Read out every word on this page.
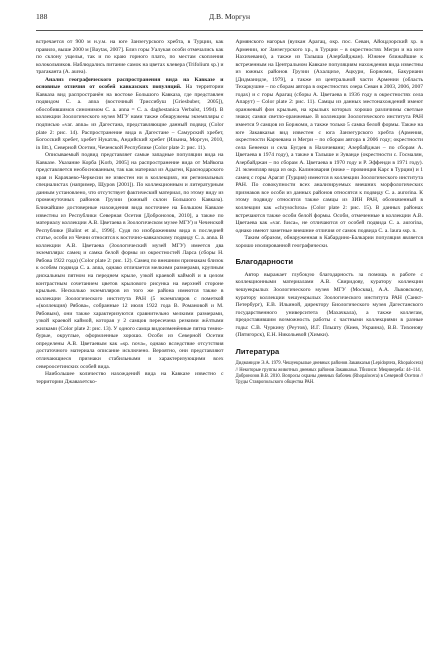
188	Д.В. Моргун

встречается от 900 м н.у.м. на юге Занзегурского хребта, в Турции, как правило, выше 2000 м [Baytas, 2007]. Близ горы Уалукая особи отмечались как по склону ущелья, так и по краю горного плато, по местам скопления колокольчиков. Наблюдались питание самок на цветах клевера (Trifolium sp.) и трагаканта (A. aurea).

Анализ географического распространения вида на Кавказе и основные отличия от особей кавказских популяций. На территории Кавказа вид распространён на востоке Большого Кавказа, где представлен подвидом C. a. anna (восточный Триссибуш [Griesbuber, 2005]), обособившимся синонимом C. a. anna = C. a. daghestanica Verbalst, 1994). В коллекции Зоологического музея МГУ нами также обнаружены экземпляры с подписью «var. anna» из Дагестана, представляющие данный подвид (Color plate 2: рис. 14). Распространение вида в Дагестане – Самурский хребет, Богосский хребет, хребет Нукатль, Андийский хребет (Ильина, Моргун, 2010, in litt.), Северной Осетии, Чеченской Республике (Color plate 2: рис. 11).

Описываемый подвид представляет самые западные популяции вида на Кавказе. Указание Корба [Korb, 2005] на распространение вида от Майкопа представляется необоснованным, так как материал из Адыгеи, Краснодарского края и Карачаево-Черкесии не известен ни в коллекциях, ни региональных специалистах (например, Щуров [2001]). По коллекционным и литературным данным установлено, что отсутствует фактический материал, по этому виду из промежуточных районов Грузии (южный склон Большого Кавказа). Ближайшие достоверные нахождения вида восточнее на Большом Кавказе известны из Республики Северная Осетия [Добронозов, 2010], а также по материалу коллекции А.В. Цветаева в Зоологическом музее МГУ) и Чеченской Республике [Balint et al., 1996]. Судя по изображениям вида в последней статье, особи из Чечни относятся к восточно-кавказскому подвиду C. a. anna. В коллекции А.В. Цветаева (Зоологический музей МГУ) имеется два экземпляра: самец и самка белой формы из окрестностей Ларса (сборы Н. Рябова 1922 года) (Color plate 2: рис. 12). Самец по внешним признакам близок к особям подвида C. a. anna, однако отличается мелкими размерами, крупным дискальным пятном на переднем крыле, узкой краевой каймой и в целом контрастным сочетанием цветов крылового рисунка на верхней стороне крыльев. Несколько экземпляров из того же района имеются также в коллекции Зоологического института РАН (5 экземпляров с пометкой «(коллекция) Рябова», собранные 12 июля 1922 года В. Романовой и М. Рябовым), они также характеризуются сравнительно мелкими размерами, узкой краевой каймой, которая у 2 самцов пересечена резкими жёлтыми жилками (Color plate 2: рис. 13). У одного самца видоизменённые пятна темно-бурые, округлые, оформленные хорошо. Особи из Северной Осетии определены А.В. Цветаевым как «sp. nova», однако вследствие отсутствия достаточного материала описание исключено. Вероятно, они представляют отличающиеся признаки стабильными и характеризующими всех североосетинских особей вида.

Наибольшее количество нахождений вида на Кавказе известно с территории Джавахетско-

Армянского нагорья (вулкан Арагац, окр. пос. Севан, Айоцдзорский хр. в Армении, юг Занзегурского хр., в Турции – в окрестностях Мегри и на юге Нахичевани), а также из Талыша (Азербайджан). Южнее ближайшие к встреченным на Центральном Кавказе популяциям нахождения вида известны из южных районов Грузии (Ахалцихе, Ацкури, Боржоми, Бакуриани [Дидманидзе, 1979], а также из центральной части Армении (область Техаркушне – по сборам автора в окрестностях озера Севан в 2003, 2006, 2007 годах) и с горы Арагац (сборы А. Цветаева в 1936 году в окрестностях села Апарут) – Color plate 2: рис. 11). Самцы из данных местонахождений имеют оранжевый фон крыльев, на крыльях которых хорошо различимы светлые знаки; самки светло-оранжевые. В коллекции Зоологического института РАН имеется 9 самцов из Боржоми, а также только 5 самка белой формы. Также на юге Закавказья вид известен с юга Занзегурского хребта (Армения, окрестности Карчевана и Мегри – по сборам автора в 2006 году; окрестности села Бенееки и села Бугдев в Нахичевани; Азербайджан – по сборам А. Цветаева в 1974 году), а также в Талыше и Зувандe (окрестности с. Госмалян, Азербайджан – по сборам А. Цветаева в 1970 году и Р. Эффенди в 1971 году). 21 экземпляр вида из окр. Калиновария (ниже – провинция Карс в Турции) и 1 самец с горы Арагат (Турция) имеются в коллекции Зоологического института РАН. По совокупности всех анализируемых внешних морфологических признаков все особи из данных районов относятся к подвиду C. a. aurorina. К этому подвиду относятся также самцы из ЗИН РАН, обозначенный в коллекции как «chrysochroa» (Color plate 2: рис. 15). В данных районах встречаются также особи белой формы. Особи, отмеченные в коллекции А.В. Цветаева как «var. fusca», не отличаются от особей подвида C. a. aurorina, однако имеют заметные внешние отличия от самок подвида C. a. laura ssp. n.

Таким образом, обнаруженная в Кабардино-Балкарии популяция является хорошо изолированной географически.

Благодарности

Автор выражает глубокую благодарность за помощь в работе с коллекционными материалами А.В. Свиридову, куратору коллекции чешуекрылых Зоологического музея МГУ (Москва), А.А. Львовскому, куратору коллекции чешуекрылых Зоологического института РАН (Санкт-Петербург), Е.В. Ильиной, директору Биологического музея Дагестанского государственного университета (Махачкала), а также коллегам, предоставившим возможность работы с частными коллекциями в разные годы: С.В. Чуркину (Реутов), И.Г. Пльшту (Киев, Украина), В.В. Тихонову (Пятигорск), Е.Н. Никольевой (Химки).

Литература

Дидманидзе Э.А. 1979. Чешуекрылые дневных районов Закавказья (Lepidoptera, Rhopalocera) // Некоторые группы животных дневных районов Закавказья. Тбилиси: Мецниереба: 44–114.

Добронозов В.В. 2010. Вопросы охраны дневных бабочек (Rhopalocera) в Северной Осетии // Труды Ставропольского общества РАН.
